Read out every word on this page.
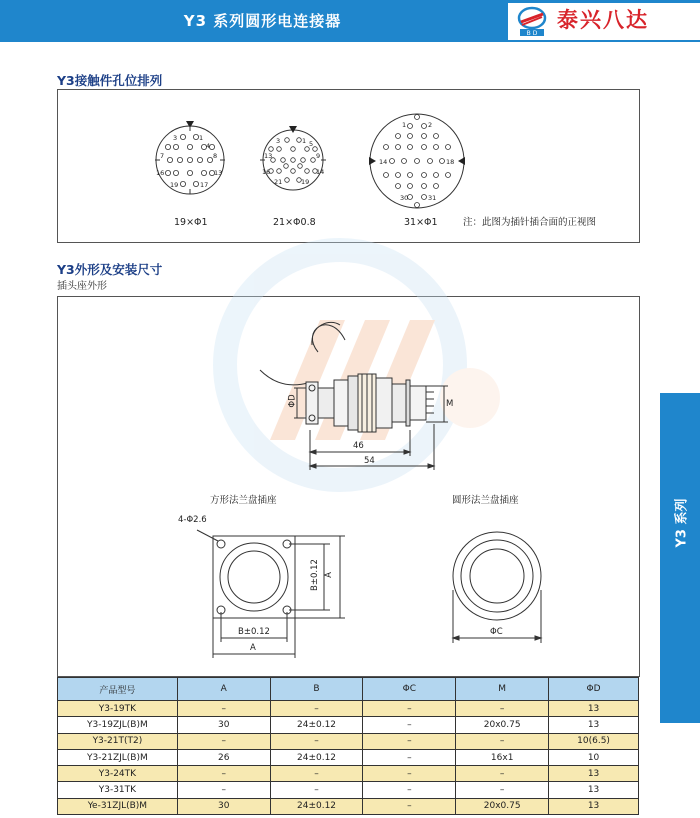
Y3 系列圆形电连接器
B D
泰兴八达
Y3接触件孔位排列
3	1
7	8
16	13
19	17
4
3	1
13	9
16
21	19
14
5
1	2
14	18
30	31
19×Φ1	21×Φ0.8	31×Φ1	注：此图为插针插合面的正视图
Y3外形及安装尺寸
插头座外形
ΦD	M
46
54
方形法兰盘插座
4-Φ2.6
B±0.12
A
B±0.12 A
圆形法兰盘插座
ΦC
Y3 系列
产品型号	A	B	ΦC	M	ΦD
Y3-19TK	–	–	–	–	13
Y3-19ZJL(B)M	30	24±0.12	–	20x0.75	13
Y3-21T(T2)	–	–	–	–	10(6.5)
Y3-21ZJL(B)M	26	24±0.12	–	16x1	10
Y3-24TK	–	–	–	–	13
Y3-31TK	–	–	–	–	13
Ye-31ZJL(B)M	30	24±0.12	–	20x0.75	13
